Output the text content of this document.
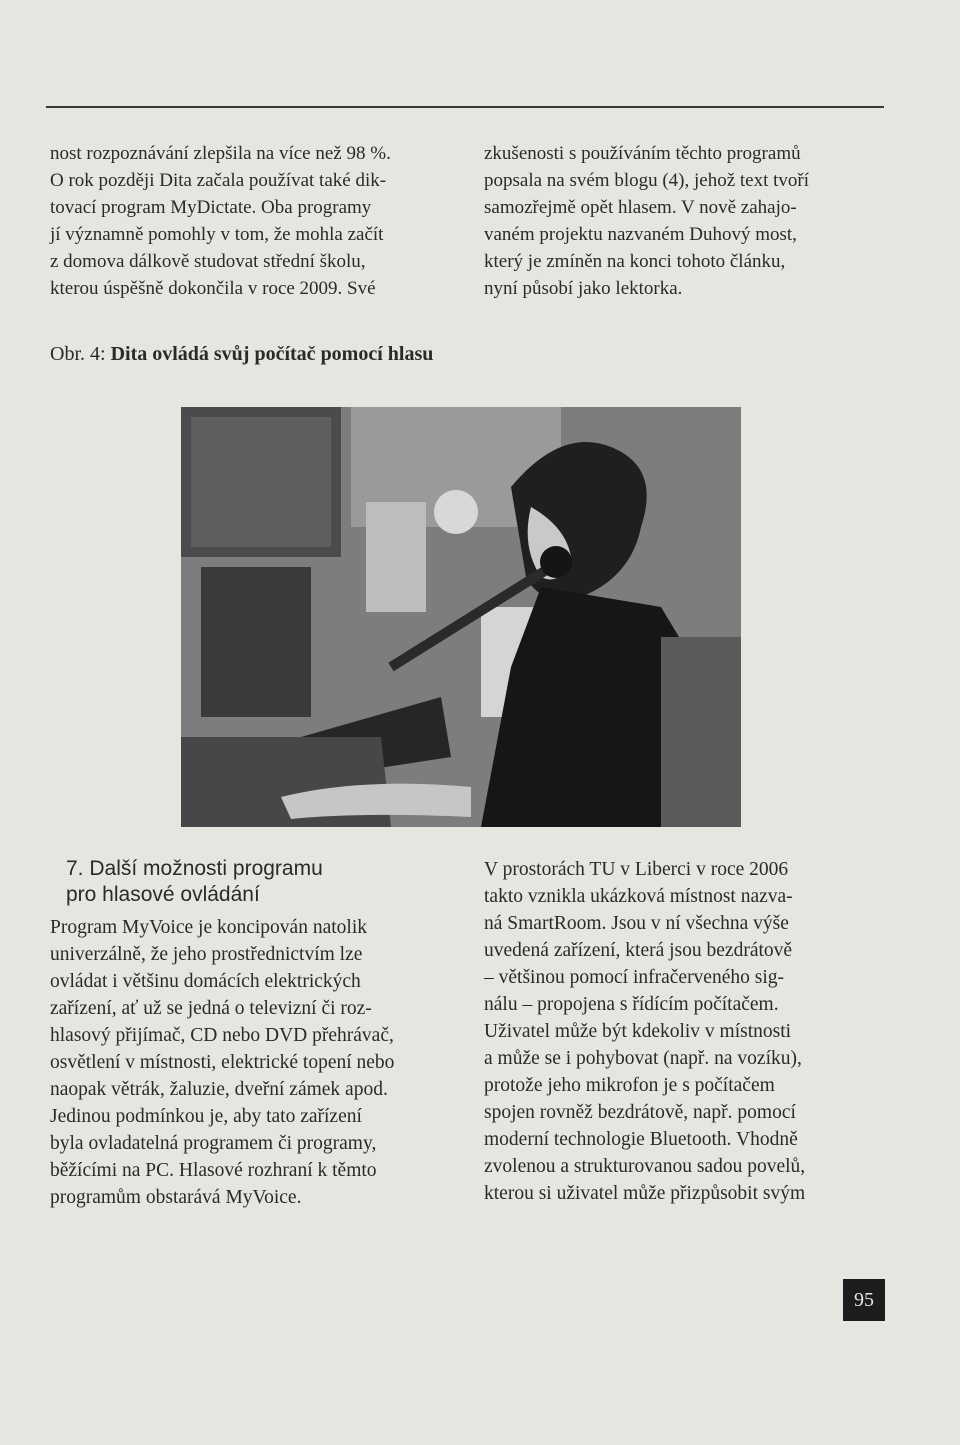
nost rozpoznávání zlepšila na více než 98 %.
O rok později Dita začala používat také dik-
tovací program MyDictate. Oba programy
jí významně pomohly v tom, že mohla začít
z domova dálkově studovat střední školu,
kterou úspěšně dokončila v roce 2009. Své
zkušenosti s používáním těchto programů
popsala na svém blogu (4), jehož text tvoří
samozřejmě opět hlasem. V nově zahajo-
vaném projektu nazvaném Duhový most,
který je zmíněn na konci tohoto článku,
nyní působí jako lektorka.
Obr. 4: Dita ovládá svůj počítač pomocí hlasu
7. Další možnosti programu
pro hlasové ovládání
Program MyVoice je koncipován natolik
univerzálně, že jeho prostřednictvím lze
ovládat i většinu domácích elektrických
zařízení, ať už se jedná o televizní či roz-
hlasový přijímač, CD nebo DVD přehrávač,
osvětlení v místnosti, elektrické topení nebo
naopak větrák, žaluzie, dveřní zámek apod.
Jedinou podmínkou je, aby tato zařízení
byla ovladatelná programem či programy,
běžícími na PC. Hlasové rozhraní k těmto
programům obstarává MyVoice.
V prostorách TU v Liberci v roce 2006
takto vznikla ukázková místnost nazva-
ná SmartRoom. Jsou v ní všechna výše
uvedená zařízení, která jsou bezdrátově
– většinou pomocí infračerveného sig-
nálu – propojena s řídícím počítačem.
Uživatel může být kdekoliv v místnosti
a může se i pohybovat (např. na vozíku),
protože jeho mikrofon je s počítačem
spojen rovněž bezdrátově, např. pomocí
moderní technologie Bluetooth. Vhodně
zvolenou a strukturovanou sadou povelů,
kterou si uživatel může přizpůsobit svým
95
